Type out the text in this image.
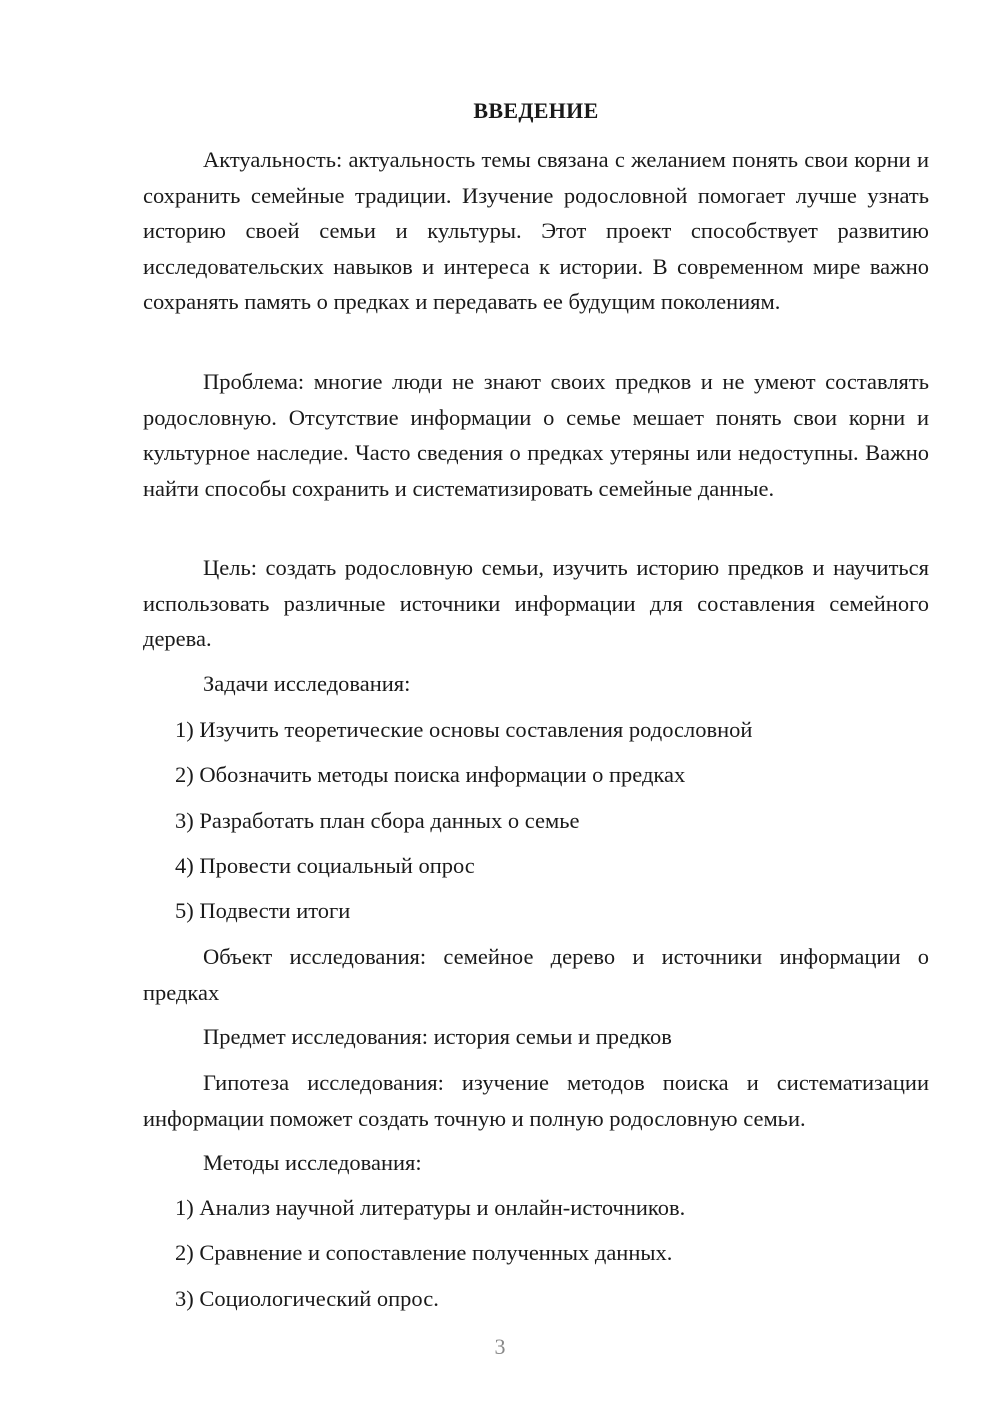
ВВЕДЕНИЕ

Актуальность: актуальность темы связана с желанием понять свои корни и сохранить семейные традиции. Изучение родословной помогает лучше узнать историю своей семьи и культуры. Этот проект способствует развитию исследовательских навыков и интереса к истории. В современном мире важно сохранять память о предках и передавать ее будущим поколениям.

Проблема: многие люди не знают своих предков и не умеют составлять родословную. Отсутствие информации о семье мешает понять свои корни и культурное наследие. Часто сведения о предках утеряны или недоступны. Важно найти способы сохранить и систематизировать семейные данные.

Цель: создать родословную семьи, изучить историю предков и научиться использовать различные источники информации для составления семейного дерева.

Задачи исследования:

1) Изучить теоретические основы составления родословной

2) Обозначить методы поиска информации о предках

3) Разработать план сбора данных о семье

4) Провести социальный опрос

5) Подвести итоги

Объект исследования: семейное дерево и источники информации о предках

Предмет исследования: история семьи и предков

Гипотеза исследования: изучение методов поиска и систематизации информации поможет создать точную и полную родословную семьи.

Методы исследования:

1) Анализ научной литературы и онлайн-источников.

2) Сравнение и сопоставление полученных данных.

3) Социологический опрос.

3
